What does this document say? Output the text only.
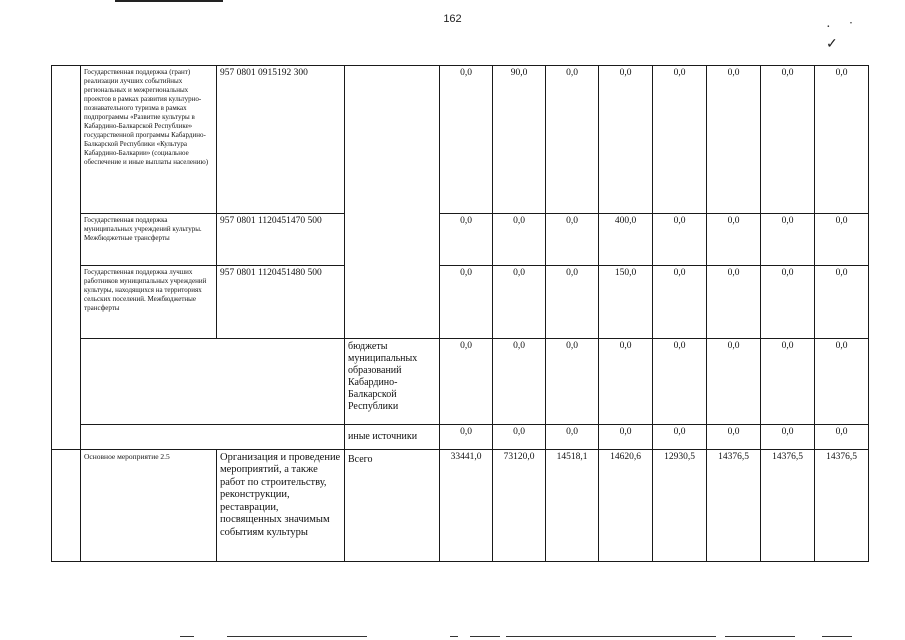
162
·˙ ✓
	Государственная поддержка (грант) реализации лучших событийных региональных и межрегиональных проектов в рамках развития культурно-познавательного туризма в рамках подпрограммы «Развитие культуры в Кабардино-Балкарской Республике» государственной программы Кабардино-Балкарской Республики «Культура Кабардино-Балкарии» (социальное обеспечение и иные выплаты населению)	957 0801 0915192 300		0,0	90,0	0,0	0,0	0,0	0,0	0,0	0,0
	Государственная поддержка муниципальных учреждений культуры. Межбюджетные трансферты	957 0801 1120451470 500		0,0	0,0	0,0	400,0	0,0	0,0	0,0	0,0
	Государственная поддержка лучших работников муниципальных учреждений культуры, находящихся на территориях сельских поселений. Межбюджетные трансферты	957 0801 1120451480 500		0,0	0,0	0,0	150,0	0,0	0,0	0,0	0,0
			бюджеты муниципальных образований Кабардино-Балкарской Республики	0,0	0,0	0,0	0,0	0,0	0,0	0,0	0,0
			иные источники	0,0	0,0	0,0	0,0	0,0	0,0	0,0	0,0
	Основное мероприятие 2.5	Организация и проведение мероприятий, а также работ по строительству, реконструкции, реставрации, посвященных значимым событиям культуры	Всего	33441,0	73120,0	14518,1	14620,6	12930,5	14376,5	14376,5	14376,5
